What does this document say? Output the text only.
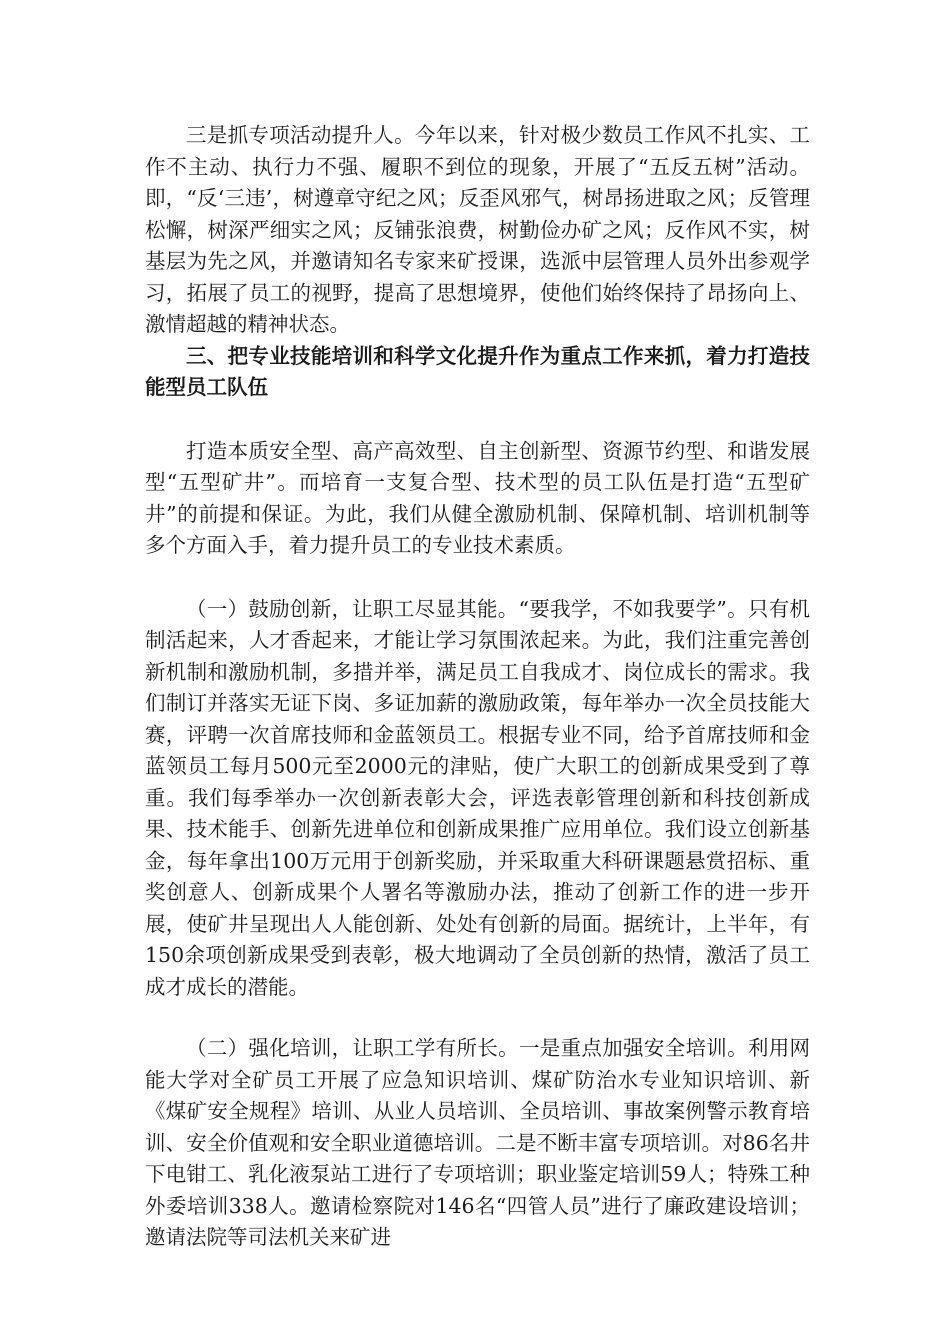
三是抓专项活动提升人。今年以来，针对极少数员工作风不扎实、工作不主动、执行力不强、履职不到位的现象，开展了“五反五树”活动。即，“反‘三违’，树遵章守纪之风；反歪风邪气，树昂扬进取之风；反管理松懈，树深严细实之风；反铺张浪费，树勤俭办矿之风；反作风不实，树基层为先之风，并邀请知名专家来矿授课，选派中层管理人员外出参观学习，拓展了员工的视野，提高了思想境界，使他们始终保持了昂扬向上、激情超越的精神状态。

三、把专业技能培训和科学文化提升作为重点工作来抓，着力打造技能型员工队伍

打造本质安全型、高产高效型、自主创新型、资源节约型、和谐发展型“五型矿井”。而培育一支复合型、技术型的员工队伍是打造“五型矿井”的前提和保证。为此，我们从健全激励机制、保障机制、培训机制等多个方面入手，着力提升员工的专业技术素质。

（一）鼓励创新，让职工尽显其能。“要我学，不如我要学”。只有机制活起来，人才香起来，才能让学习氛围浓起来。为此，我们注重完善创新机制和激励机制，多措并举，满足员工自我成才、岗位成长的需求。我们制订并落实无证下岗、多证加薪的激励政策，每年举办一次全员技能大赛，评聘一次首席技师和金蓝领员工。根据专业不同，给予首席技师和金蓝领员工每月500元至2000元的津贴，使广大职工的创新成果受到了尊重。我们每季举办一次创新表彰大会，评选表彰管理创新和科技创新成果、技术能手、创新先进单位和创新成果推广应用单位。我们设立创新基金，每年拿出100万元用于创新奖励，并采取重大科研课题悬赏招标、重奖创意人、创新成果个人署名等激励办法，推动了创新工作的进一步开展，使矿井呈现出人人能创新、处处有创新的局面。据统计，上半年，有150余项创新成果受到表彰，极大地调动了全员创新的热情，激活了员工成才成长的潜能。

（二）强化培训，让职工学有所长。一是重点加强安全培训。利用网能大学对全矿员工开展了应急知识培训、煤矿防治水专业知识培训、新《煤矿安全规程》培训、从业人员培训、全员培训、事故案例警示教育培训、安全价值观和安全职业道德培训。二是不断丰富专项培训。对86名井下电钳工、乳化液泵站工进行了专项培训；职业鉴定培训59人；特殊工种外委培训338人。邀请检察院对146名“四管人员”进行了廉政建设培训；邀请法院等司法机关来矿进
